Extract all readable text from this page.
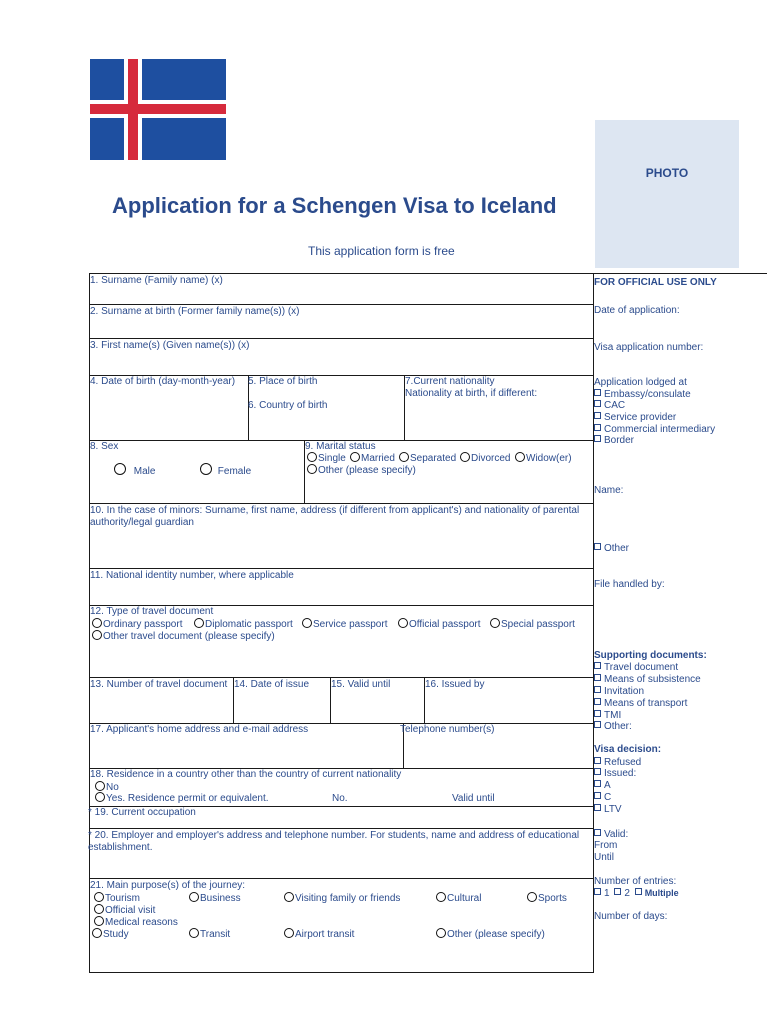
PHOTO
Application for a Schengen Visa to Iceland
This application form is free
1. Surname (Family name) (x)
2. Surname at birth (Former family name(s)) (x)
3. First name(s) (Given name(s)) (x)
4. Date of birth (day-month-year) 5. Place of birth
6. Country of birth
7.Current nationality
Nationality at birth, if different:
8. Sex
Male	Female
9. Marital status
Single	Married	Separated	Divorced	Widow(er)
Other (please specify)
10. In the case of minors: Surname, first name, address (if different from applicant's) and nationality of parental authority/legal guardian
11. National identity number, where applicable
12. Type of travel document
Ordinary passport	Diplomatic passport	Service passport	Official passport	Special passport
Other travel document (please specify)
13. Number of travel document 14. Date of issue 15. Valid until	16. Issued by
17. Applicant's home address and e-mail address	Telephone number(s)
18. Residence in a country other than the country of current nationality
No
Yes. Residence permit or equivalent.	No.	Valid until
* 19. Current occupation
* 20. Employer and employer's address and telephone number. For students, name and address of educational establishment.
21. Main purpose(s) of the journey:
Tourism	Business	Visiting family or friends	Cultural	Sports
Official visit
Medical reasons
Study	Transit	Airport transit	Other (please specify)
FOR OFFICIAL USE ONLY
Date of application:
Visa application number:
Application lodged at
Embassy/consulate
CAC
Service provider
Commercial intermediary
Border
Name:
Other
File handled by:
Supporting documents:
Travel document
Means of subsistence
Invitation
Means of transport
TMI
Other:
Visa decision:
Refused
Issued:
A
C
LTV
Valid:
From
Until
Number of entries:
1 2 Multiple
Number of days:
